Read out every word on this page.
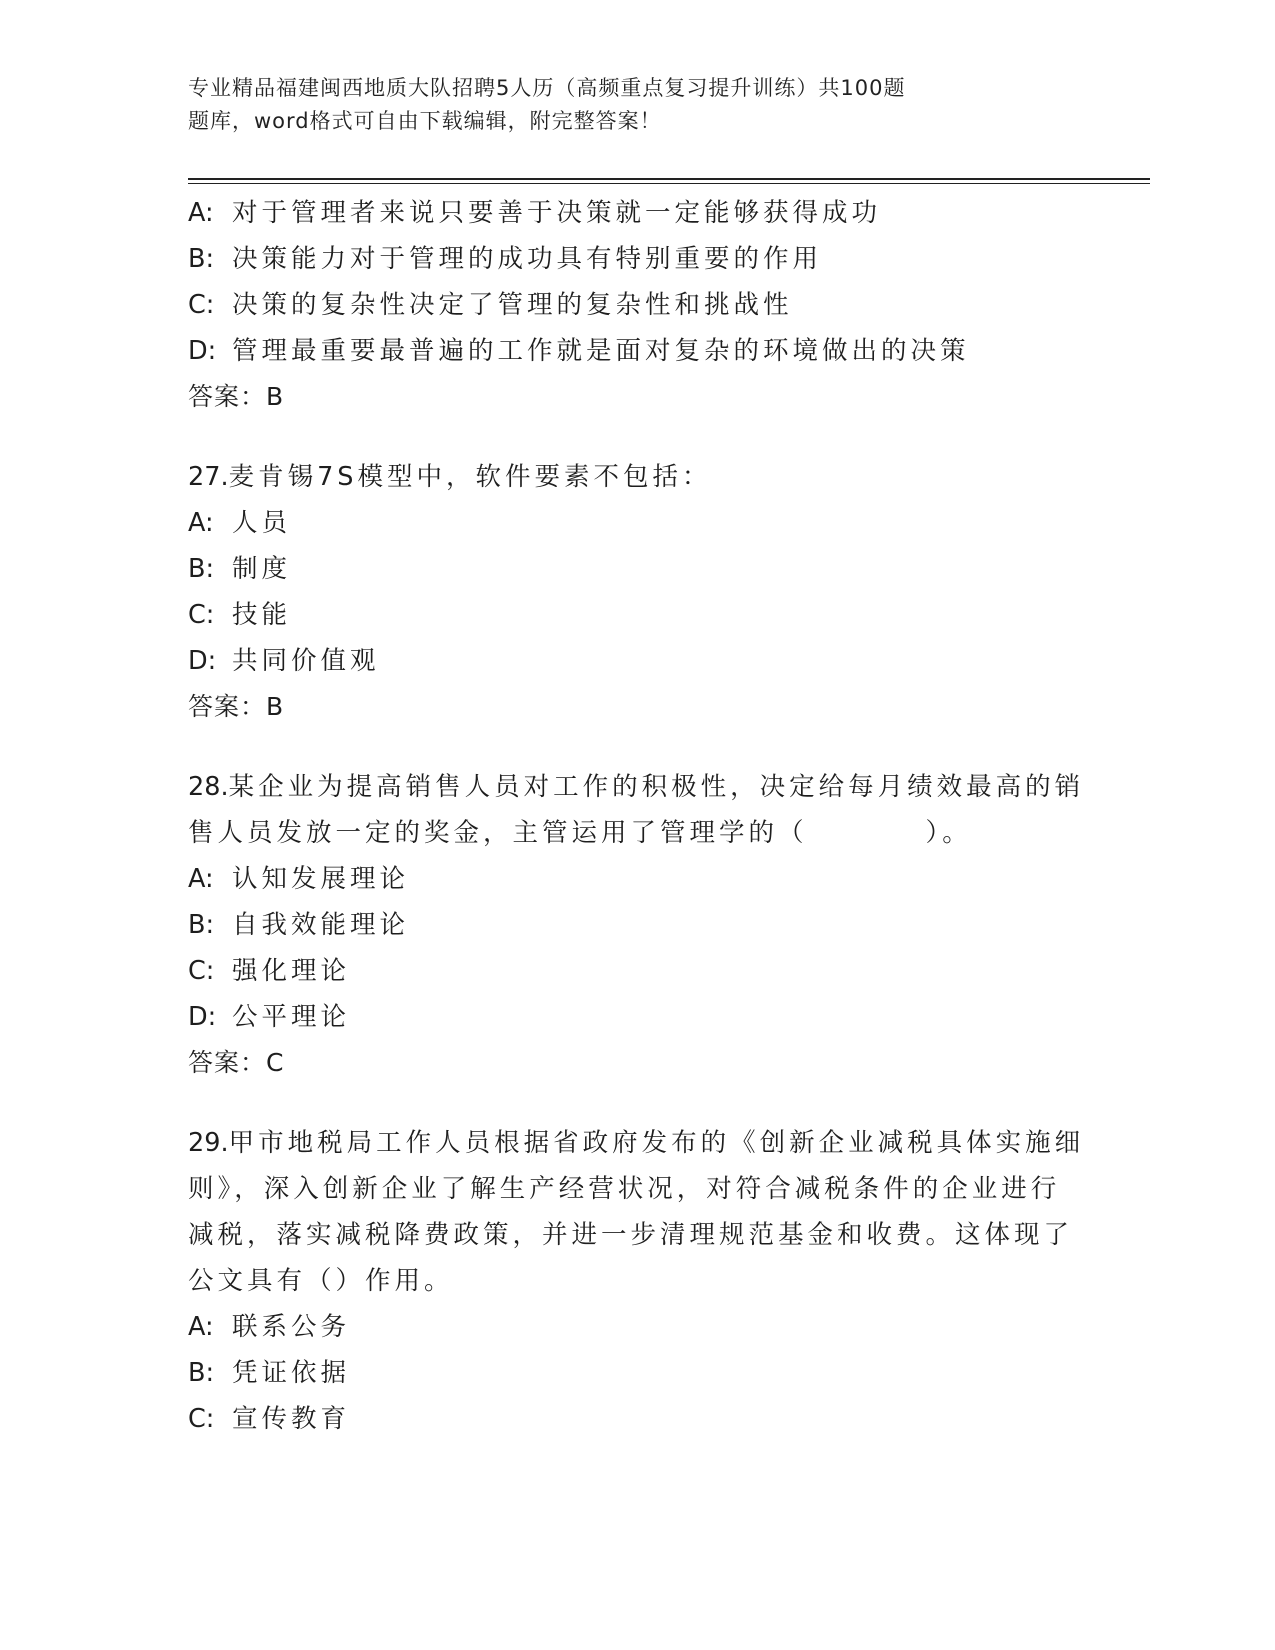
专业精品福建闽西地质大队招聘5人历（高频重点复习提升训练）共100题
题库，word格式可自由下载编辑，附完整答案！
A: 对于管理者来说只要善于决策就一定能够获得成功
B: 决策能力对于管理的成功具有特别重要的作用
C: 决策的复杂性决定了管理的复杂性和挑战性
D: 管理最重要最普遍的工作就是面对复杂的环境做出的决策
答案：B
27.麦肯锡7S模型中，软件要素不包括：
A: 人员
B: 制度
C: 技能
D: 共同价值观
答案：B
28.某企业为提高销售人员对工作的积极性，决定给每月绩效最高的销
售人员发放一定的奖金，主管运用了管理学的（　　　　）。
A: 认知发展理论
B: 自我效能理论
C: 强化理论
D: 公平理论
答案：C
29.甲市地税局工作人员根据省政府发布的《创新企业减税具体实施细
则》，深入创新企业了解生产经营状况，对符合减税条件的企业进行
减税，落实减税降费政策，并进一步清理规范基金和收费。这体现了
公文具有（）作用。
A: 联系公务
B: 凭证依据
C: 宣传教育
